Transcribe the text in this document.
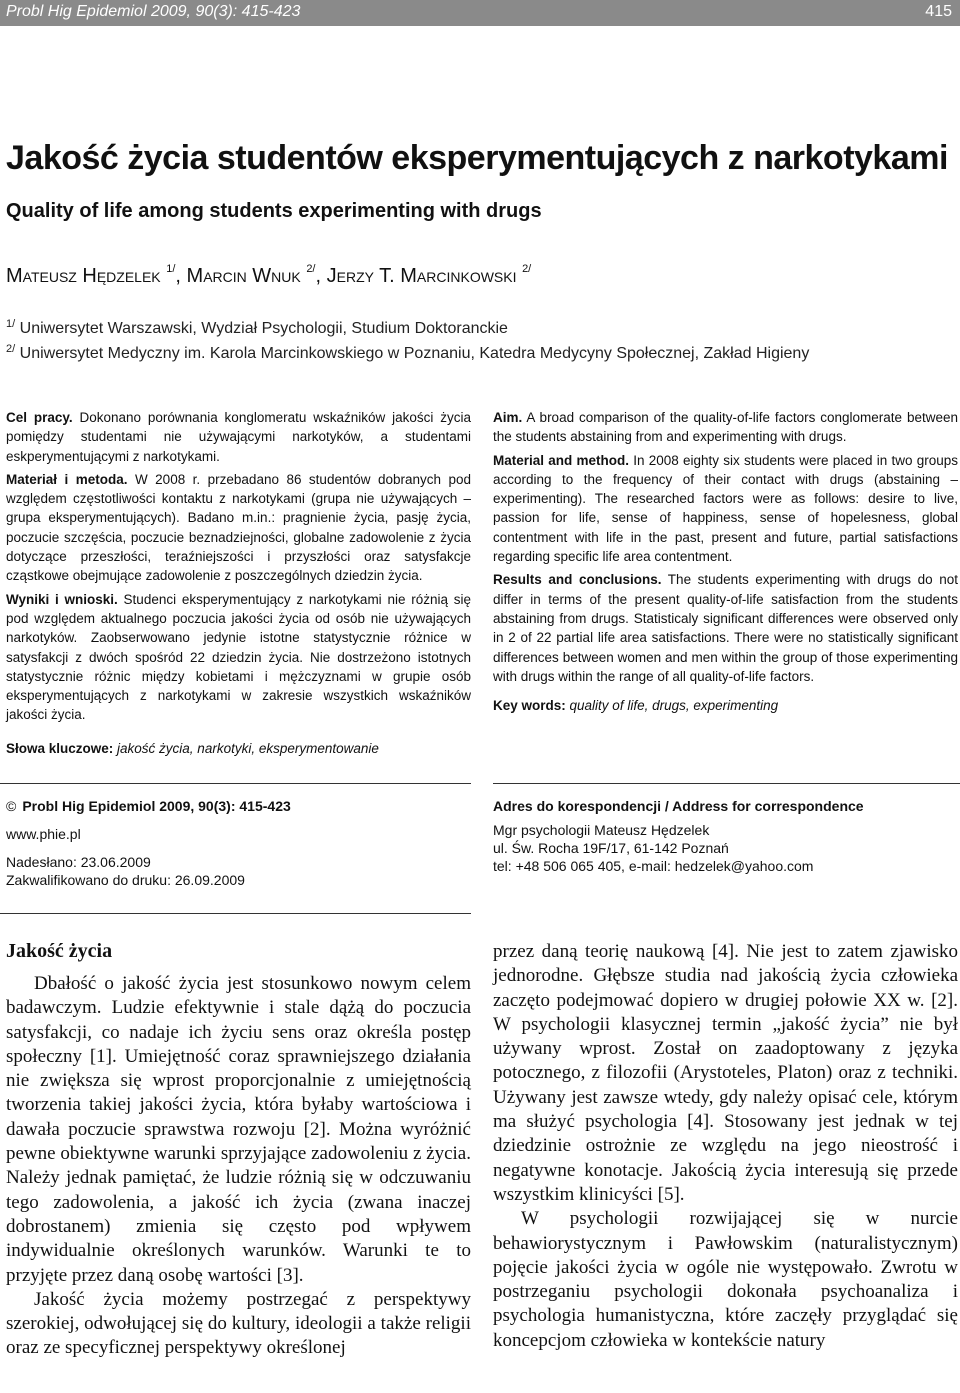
Probl Hig Epidemiol 2009, 90(3): 415-423	415
Jakość życia studentów eksperymentujących z narkotykami
Quality of life among students experimenting with drugs
Mateusz Hędzelek $^{1/}$, Marcin Wnuk $^{2/}$, Jerzy T. Marcinkowski $^{2/}$
$^{1/}$ Uniwersytet Warszawski, Wydział Psychologii, Studium Doktoranckie
$^{2/}$ Uniwersytet Medyczny im. Karola Marcinkowskiego w Poznaniu, Katedra Medycyny Społecznej, Zakład Higieny

Cel pracy. Dokonano porównania konglomeratu wskaźników jakości życia pomiędzy studentami nie używającymi narkotyków, a studentami eskperymentującymi z narkotykami.

Materiał i metoda. W 2008 r. przebadano 86 studentów dobranych pod względem częstotliwości kontaktu z narkotykami (grupa nie używających – grupa eksperymentujących). Badano m.in.: pragnienie życia, pasję życia, poczucie szczęścia, poczucie beznadziejności, globalne zadowolenie z życia dotyczące przeszłości, teraźniejszości i przyszłości oraz satysfakcje cząstkowe obejmujące zadowolenie z poszczególnych dziedzin życia.

Wyniki i wnioski. Studenci eksperymentujący z narkotykami nie różnią się pod względem aktualnego poczucia jakości życia od osób nie używających narkotyków. Zaobserwowano jedynie istotne statystycznie różnice w satysfakcji z dwóch spośród 22 dziedzin życia. Nie dostrzeżono istotnych statystycznie różnic między kobietami i mężczyznami w grupie osób eksperymentujących z narkotykami w zakresie wszystkich wskaźników jakości życia.

Słowa kluczowe: jakość życia, narkotyki, eksperymentowanie

Aim. A broad comparison of the quality-of-life factors conglomerate between the students abstaining from and experimenting with drugs.

Material and method. In 2008 eighty six students were placed in two groups according to the frequency of their contact with drugs (abstaining – experimenting). The researched factors were as follows: desire to live, passion for life, sense of happiness, sense of hopelesness, global contentment with life in the past, present and future, partial satisfactions regarding specific life area contentment.

Results and conclusions. The students experimenting with drugs do not differ in terms of the present quality-of-life satisfaction from the students abstaining from drugs. Statisticaly significant differences were observed only in 2 of 22 partial life area satisfactions. There were no statistically significant differences between women and men within the group of those experimenting with drugs within the range of all quality-of-life factors.

Key words: quality of life, drugs, experimenting

© Probl Hig Epidemiol 2009, 90(3): 415-423
www.phie.pl
Nadesłano: 23.06.2009
Zakwalifikowano do druku: 26.09.2009
Adres do korespondencji / Address for correspondence
Mgr psychologii Mateusz Hędzelek
ul. Św. Rocha 19F/17, 61-142 Poznań
tel: +48 506 065 405, e-mail: hedzelek@yahoo.com
Jakość życia

Dbałość o jakość życia jest stosunkowo nowym celem badawczym. Ludzie efektywnie i stale dążą do poczucia satysfakcji, co nadaje ich życiu sens oraz określa postęp społeczny [1]. Umiejętność coraz sprawniejszego działania nie zwiększa się wprost proporcjonalnie z umiejętnością tworzenia takiej jakości życia, która byłaby wartościowa i dawała poczucie sprawstwa rozwoju [2]. Można wyróżnić pewne obiektywne warunki sprzyjające zadowoleniu z życia. Należy jednak pamiętać, że ludzie różnią się w odczuwaniu tego zadowolenia, a jakość ich życia (zwana inaczej dobrostanem) zmienia się często pod wpływem indywidualnie określonych warunków. Warunki te to przyjęte przez daną osobę wartości [3].

Jakość życia możemy postrzegać z perspektywy szerokiej, odwołującej się do kultury, ideologii a także religii oraz ze specyficznej perspektywy określonej

przez daną teorię naukową [4]. Nie jest to zatem zjawisko jednorodne. Głębsze studia nad jakością życia człowieka zaczęto podejmować dopiero w drugiej połowie XX w. [2]. W psychologii klasycznej termin „jakość życia” nie był używany wprost. Został on zaadoptowany z języka potocznego, z filozofii (Arystoteles, Platon) oraz z techniki. Używany jest zawsze wtedy, gdy należy opisać cele, którym ma służyć psychologia [4]. Stosowany jest jednak w tej dziedzinie ostrożnie ze względu na jego nieostrość i negatywne konotacje. Jakością życia interesują się przede wszystkim klinicyści [5].

W psychologii rozwijającej się w nurcie behawiorystycznym i Pawłowskim (naturalistycznym) pojęcie jakości życia w ogóle nie występowało. Zwrotu w postrzeganiu psychologii dokonała psychoanaliza i psychologia humanistyczna, które zaczęły przyglądać się koncepcjom człowieka w kontekście natury
